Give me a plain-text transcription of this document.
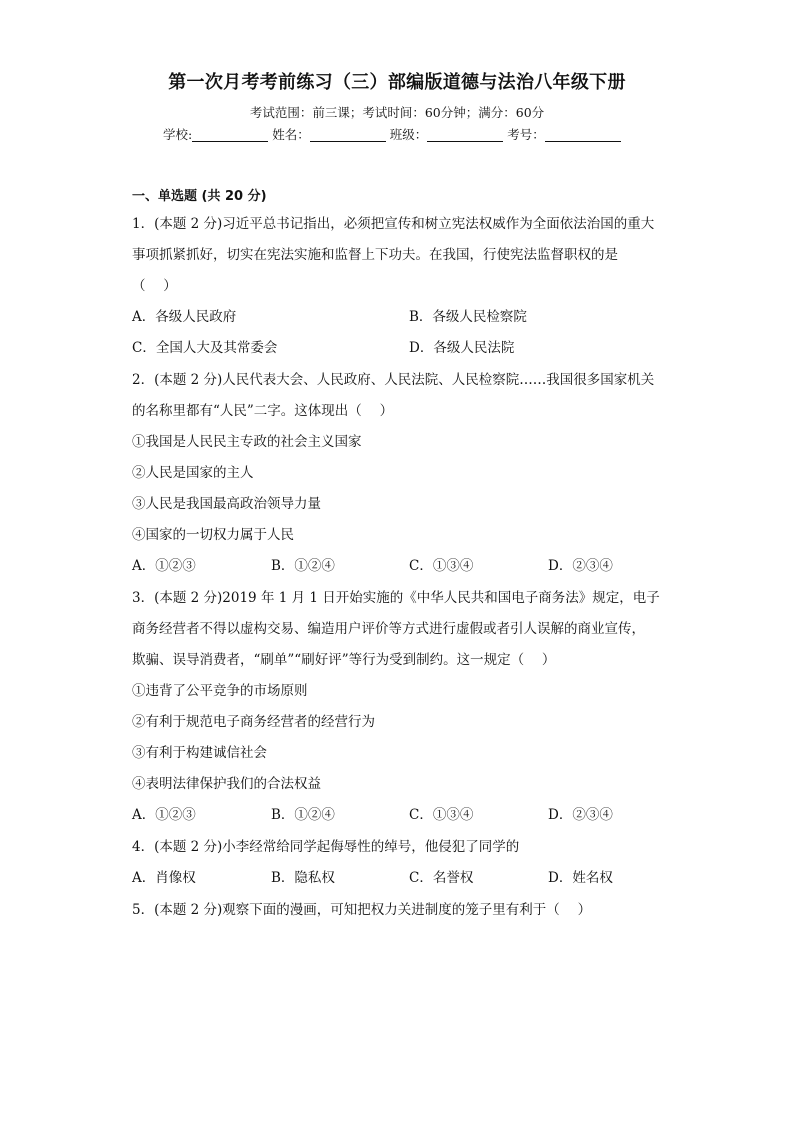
第一次月考考前练习（三）部编版道德与法治八年级下册
考试范围：前三课；考试时间：60分钟；满分：60分
学校:	姓名：	班级：	考号：
一、单选题 (共 20 分)
1．(本题 2 分)习近平总书记指出，必须把宣传和树立宪法权威作为全面依法治国的重大
事项抓紧抓好，切实在宪法实施和监督上下功夫。在我国，行使宪法监督职权的是
（　 ）
A．各级人民政府	B．各级人民检察院
C．全国人大及其常委会	D．各级人民法院
2．(本题 2 分)人民代表大会、人民政府、人民法院、人民检察院……我国很多国家机关
的名称里都有“人民”二字。这体现出（　 ）
①我国是人民民主专政的社会主义国家
②人民是国家的主人
③人民是我国最高政治领导力量
④国家的一切权力属于人民
A．①②③	B．①②④	C．①③④	D．②③④
3．(本题 2 分)2019 年 1 月 1 日开始实施的《中华人民共和国电子商务法》规定，电子
商务经营者不得以虚构交易、编造用户评价等方式进行虚假或者引人误解的商业宣传，
欺骗、误导消费者，“刷单”“刷好评”等行为受到制约。这一规定（　 ）
①违背了公平竞争的市场原则
②有利于规范电子商务经营者的经营行为
③有利于构建诚信社会
④表明法律保护我们的合法权益
A．①②③	B．①②④	C．①③④	D．②③④
4．(本题 2 分)小李经常给同学起侮辱性的绰号，他侵犯了同学的
A．肖像权	B．隐私权	C．名誉权	D．姓名权
5．(本题 2 分)观察下面的漫画，可知把权力关进制度的笼子里有利于（　 ）
